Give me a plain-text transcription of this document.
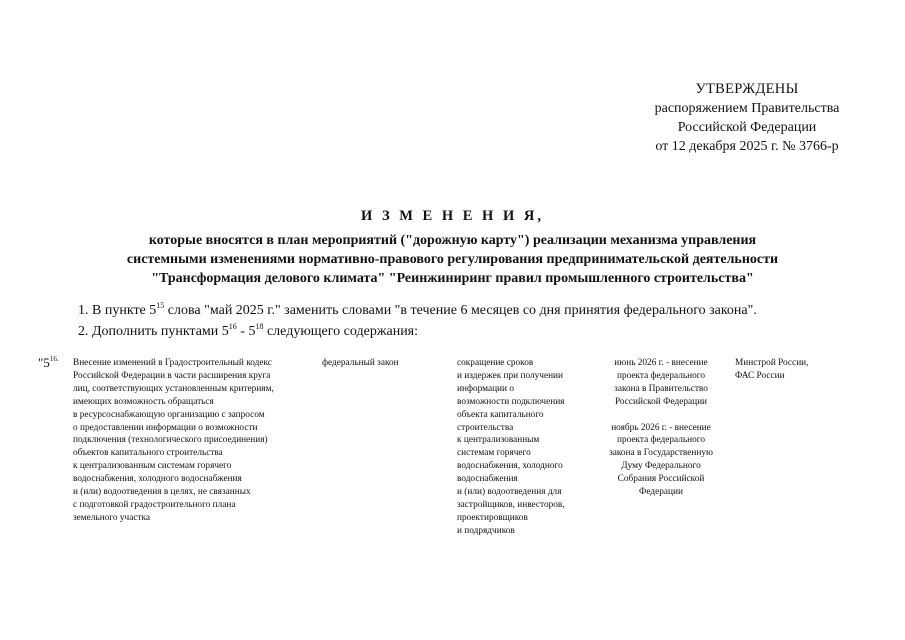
УТВЕРЖДЕНЫ
распоряжением Правительства
Российской Федерации
от 12 декабря 2025 г. № 3766-р
И З М Е Н Е Н И Я,
которые вносятся в план мероприятий ("дорожную карту") реализации механизма управления
системными изменениями нормативно-правового регулирования предпринимательской деятельности
"Трансформация делового климата" "Реинжиниринг правил промышленного строительства"
1. В пункте $5^{15}$ слова "май 2025 г." заменить словами "в течение 6 месяцев со дня принятия федерального закона".
2. Дополнить пунктами $5^{16} - 5^{18}$ следующего содержания:
"$5^{16.}$	Внесение изменений в Градостроительный кодекс
Российской Федерации в части расширения круга
лиц, соответствующих установленным критериям,
имеющих возможность обращаться
в ресурсоснабжающую организацию с запросом
о предоставлении информации о возможности
подключения (технологического присоединения)
объектов капитального строительства
к централизованным системам горячего
водоснабжения, холодного водоснабжения
и (или) водоотведения в целях, не связанных
с подготовкой градостроительного плана
земельного участка
федеральный закон	сокращение сроков
и издержек при получении
информации о
возможности подключения
объекта капитального
строительства
к централизованным
системам горячего
водоснабжения, холодного
водоснабжения
и (или) водоотведения для
застройщиков, инвесторов,
проектировщиков
и подрядчиков
июнь 2026 г. - внесение
проекта федерального
закона в Правительство
Российской Федерации
ноябрь 2026 г. - внесение
проекта федерального
закона в Государственную
Думу Федерального
Собрания Российской
Федерации
Минстрой России,
ФАС России
